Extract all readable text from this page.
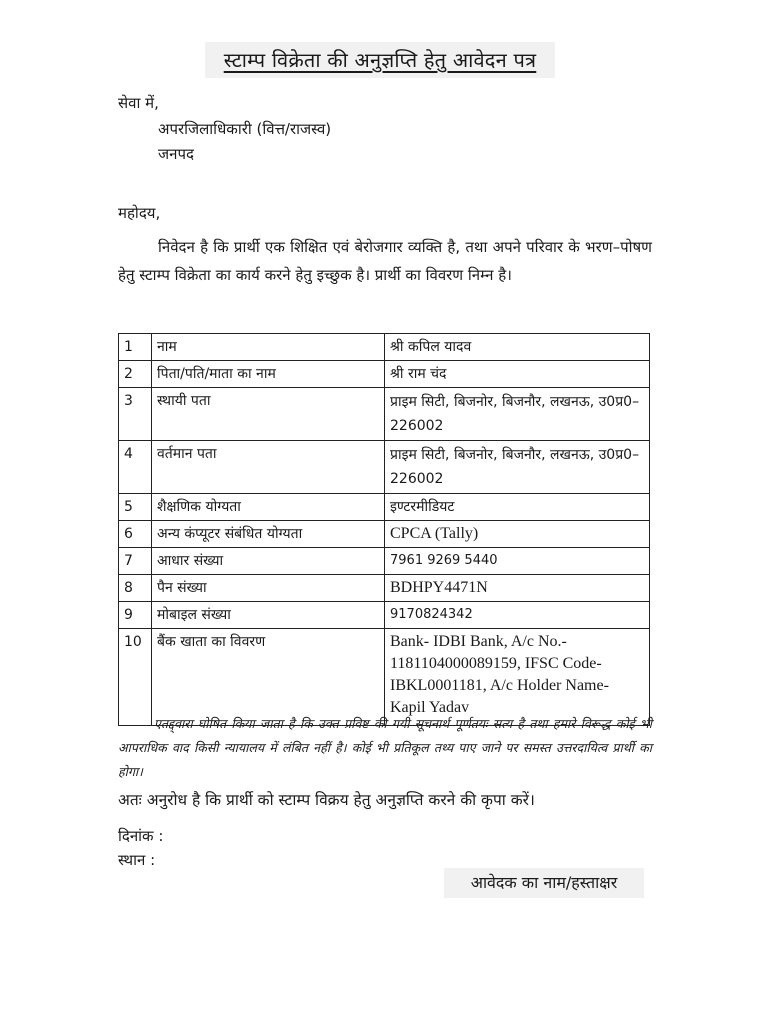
स्टाम्प विक्रेता की अनुज्ञप्ति हेतु आवेदन पत्र
सेवा में,
अपरजिलाधिकारी (वित्त/राजस्व)
जनपद
महोदय,
निवेदन है कि प्रार्थी एक शिक्षित एवं बेरोजगार व्यक्ति है, तथा अपने परिवार के भरण–पोषण हेतु स्टाम्प विक्रेता का कार्य करने हेतु इच्छुक है। प्रार्थी का विवरण निम्न है।
1	नाम	श्री कपिल यादव
2	पिता/पति/माता का नाम	श्री राम चंद
3	स्थायी पता	प्राइम सिटी, बिजनोर, बिजनौर, लखनऊ, उ0प्र0–226002
4	वर्तमान पता	प्राइम सिटी, बिजनोर, बिजनौर, लखनऊ, उ0प्र0–226002
5	शैक्षणिक योग्यता	इण्टरमीडियट
6	अन्य कंप्यूटर संबंधित योग्यता	CPCA (Tally)
7	आधार संख्या	7961 9269 5440
8	पैन संख्या	BDHPY4471N
9	मोबाइल संख्या	9170824342
10	बैंक खाता का विवरण	Bank- IDBI Bank, A/c No.- 1181104000089159, IFSC Code- IBKL0001181, A/c Holder Name- Kapil Yadav
एतद्द्वारा घोषित किया जाता है कि उक्त प्रविष्ट की गयी सूचनार्थ पूर्णतयः सत्य है तथा हमारे विरूद्ध कोई भी आपराधिक वाद किसी न्यायालय में लंबित नहीं है। कोई भी प्रतिकूल तथ्य पाए जाने पर समस्त उत्तरदायित्व प्रार्थी का होगा।
अतः अनुरोध है कि प्रार्थी को स्टाम्प विक्रय हेतु अनुज्ञप्ति करने की कृपा करें।
दिनांक :
स्थान :
आवेदक का नाम/हस्ताक्षर
